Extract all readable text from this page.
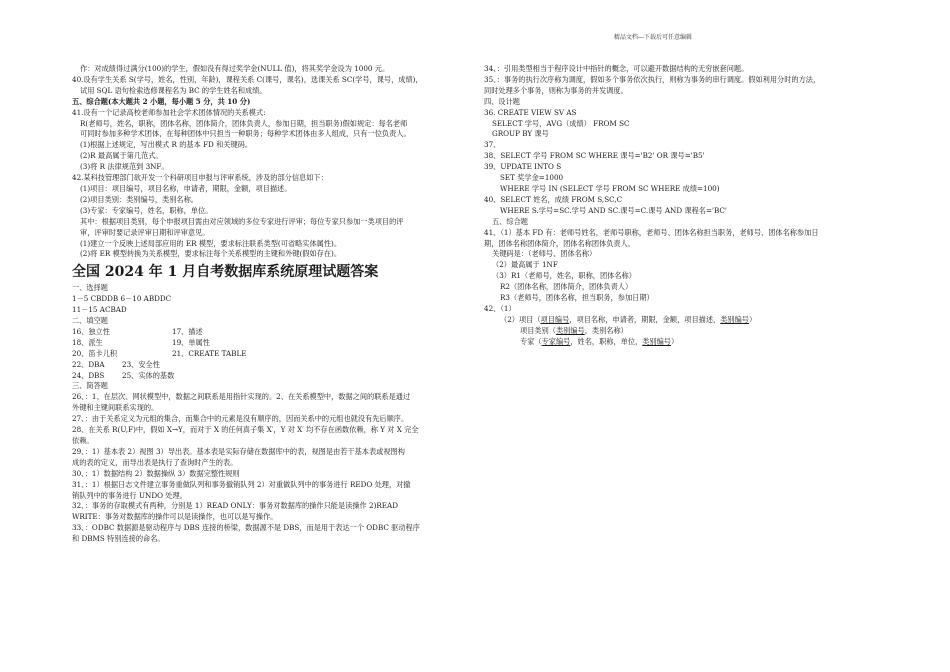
精品文档---下载后可任意编辑
作：对成绩得过满分(100)的学生，假如没有得过奖学金(NULL 值)，将其奖学金设为 1000 元。
40.设有学生关系 S(学号，姓名，性别，年龄)，课程关系 C(课号，课名)，选课关系 SC(学号，课号，成绩)，
试用 SQL 语句检索选修课程名为 BC 的学生姓名和成绩。
五、综合题(本大题共 2 小题，每小题 5 分，共 10 分)
41.设有一个记录高校老师参加社会学术团体情况的关系模式:
R(老师号，姓名，职称，团体名称，团体简介，团体负责人，参加日期，担当职务)假如规定：每名老师
可同时参加多种学术团体，在每种团体中只担当一种职务；每种学术团体由多人组成，只有一位负责人。
(1)根据上述规定，写出模式 R 的基本 FD 和关键码。
(2)R 最高属于第几范式。
(3)将 R 法律规范到 3NF。
42.某科技管理部门欲开发一个科研项目申报与评审系统，涉及的部分信息如下：
(1)项目：项目编号，项目名称，申请者，期限，金额，项目描述。
(2)项目类别：类别编号，类别名称。
(3)专家：专家编号，姓名，职称，单位。
其中：根据项目类别，每个申报项目需由对应领域的多位专家进行评审；每位专家只参加一类项目的评
审，评审时要记录评审日期和评审意见。
(1)建立一个反映上述局部应用的 ER 模型，要求标注联系类型(可省略实体属性)。
(2)将 ER 模型转换为关系模型，要求标注每个关系模型的主键和外键(假如存在)。
全国 2024 年 1 月自考数据库系统原理试题答案
一、选择题
1－5 CBDDB 6－10 ABDDC
11－15 ACBAD
二、填空题
16、独立性	17、描述
18、派生	19、单属性
20、笛卡儿积	21、CREATE TABLE
22、DBA 23、安全性
24、DBS 25、实体的基数
三、简答题
26、：1、在层次、网状模型中，数据之间联系是用指针实现的。2、在关系模型中，数据之间的联系是通过
外键和主键间联系实现的。
27、：由于关系定义为元组的集合，而集合中的元素是没有顺序的，因而关系中的元组也就没有先后顺序。
28、在关系 R(U,F)中，假如 X→Y，而对于 X 的任何真子集 X′，Y 对 X′ 均不存在函数依赖，称 Y 对 X 完全
依赖。
29、：1）基本表 2）视图 3）导出表。基本表是实际存储在数据库中的表，视图是由若干基本表或视图构
成的表的定义，而导出表是执行了查询时产生的表。
30、：1）数据结构 2）数据操纵 3）数据完整性规则
31、：1）根据日志文件建立事务重做队列和事务撤销队列 2）对重做队列中的事务进行 REDO 处理，对撤
销队列中的事务进行 UNDO 处理。
32、：事务的存取模式有两种，分别是 1）READ ONLY：事务对数据库的操作只能是读操作 2)READ
WRITE：事务对数据库的操作可以是读操作，也可以是写操作。
33、：ODBC 数据源是驱动程序与 DBS 连接的桥梁，数据源不是 DBS，而是用于表达一个 ODBC 驱动程序
和 DBMS 特别连接的命名。
34、：引用类型相当于程序设计中指针的概念，可以避开数据结构的无穷嵌套问题。
35、：事务的执行次序称为调度，假如多个事务依次执行，则称为事务的串行调度。假如利用分时的方法，
同时处理多个事务，则称为事务的并发调度。
四、设计题
36. CREATE VIEW SV AS
SELECT 学号，AVG（成绩） FROM SC
GROUP BY 课号
37、
38、SELECT 学号 FROM SC WHERE 课号='B2' OR 课号='B5'
39、UPDATE INTO S
SET 奖学金=1000
WHERE 学号 IN (SELECT 学号 FROM SC WHERE 成绩=100)
40、SELECT 姓名，成绩 FROM S,SC,C
WHERE S.学号=SC.学号 AND SC.课号=C.课号 AND 课程名='BC'
五、综合题
41、（1）基本 FD 有：老师号姓名，老师号职称，老师号、团体名称担当职务，老师号、团体名称参加日
期，团体名称团体简介，团体名称团体负责人。
关键码是：（老师号、团体名称）
（2）最高属于 1NF
（3）R1（老师号，姓名，职称，团体名称）
R2（团体名称，团体简介，团体负责人）
R3（老师号，团体名称，担当职务，参加日期）
42、（1）
（2）项目（项目编号，项目名称，申请者，期限，金额，项目描述，类别编号）
项目类别（类别编号，类别名称）
专家（专家编号，姓名，职称，单位，类别编号）
